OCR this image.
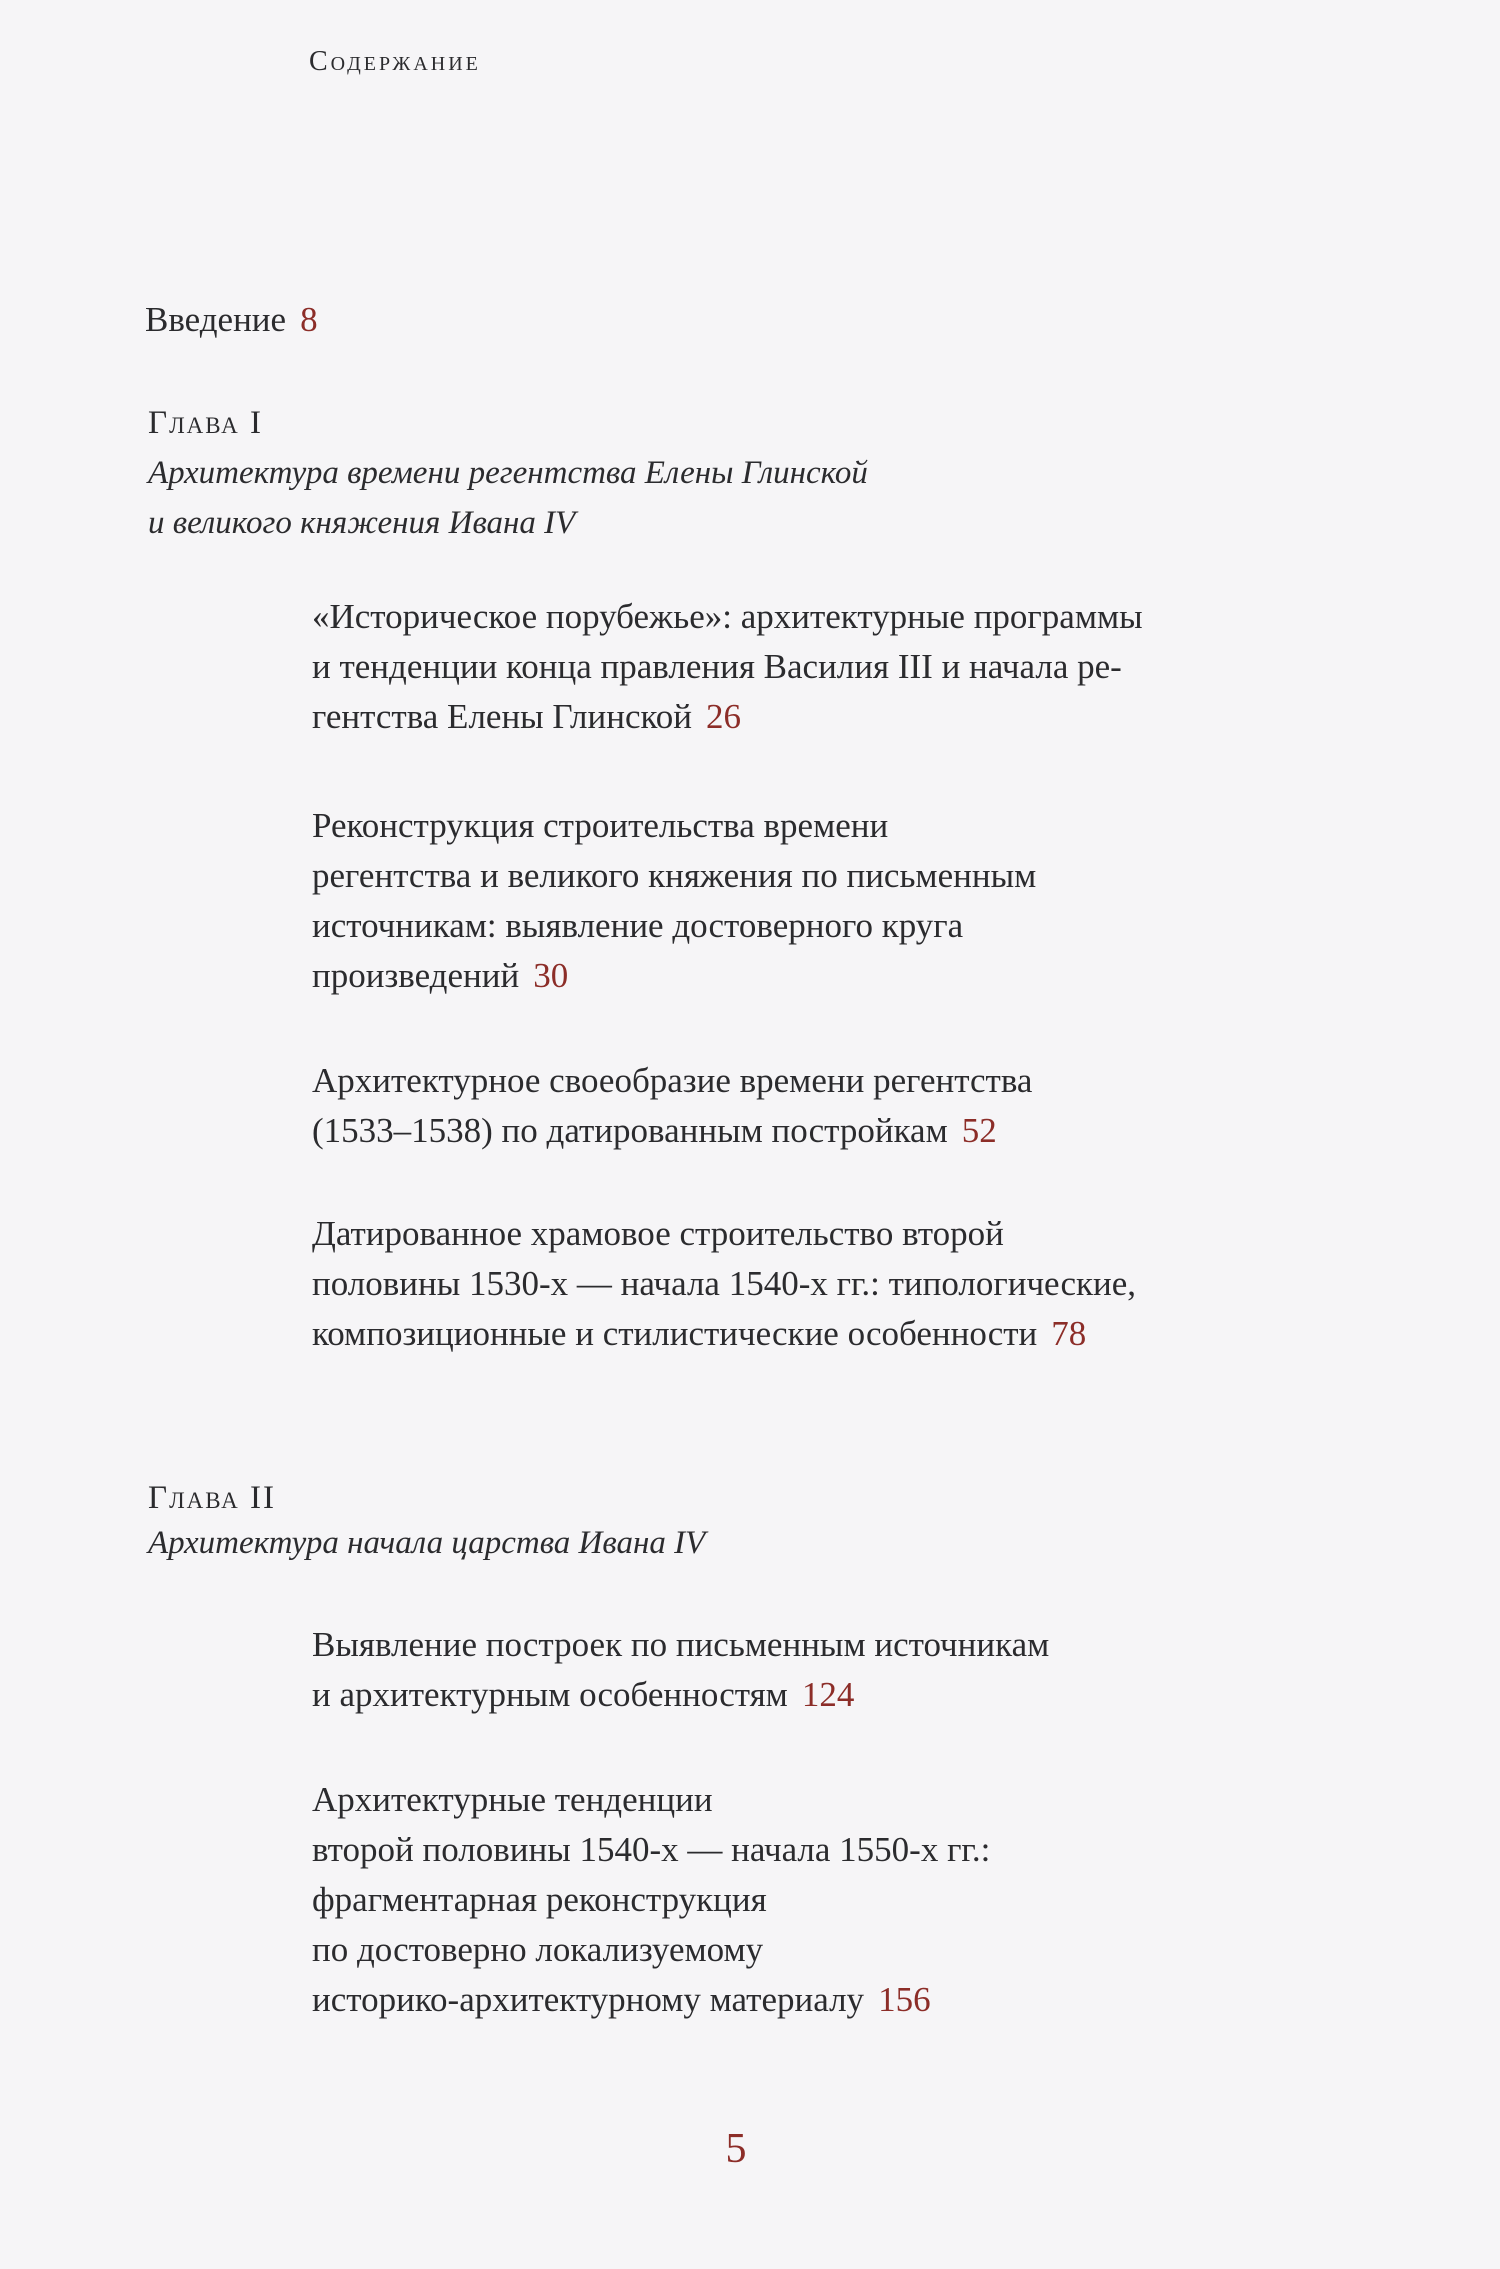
Содержание
Введение 8
Глава I
Архитектура времени регентства Елены Глинской
и великого княжения Ивана IV

«Историческое порубежье»: архитектурные программы

и тенденции конца правления Василия III и начала ре-

гентства Елены Глинской 26

Реконструкция строительства времени

регентства и великого княжения по письменным

источникам: выявление достоверного круга

произведений 30

Архитектурное своеобразие времени регентства

(1533–1538) по датированным постройкам 52

Датированное храмовое строительство второй

половины 1530-х — начала 1540-х гг.: типологические,

композиционные и стилистические особенности 78

Глава II
Архитектура начала царства Ивана IV

Выявление построек по письменным источникам

и архитектурным особенностям 124

Архитектурные тенденции

второй половины 1540-х — начала 1550-х гг.:

фрагментарная реконструкция

по достоверно локализуемому

историко-архитектурному материалу 156

5
